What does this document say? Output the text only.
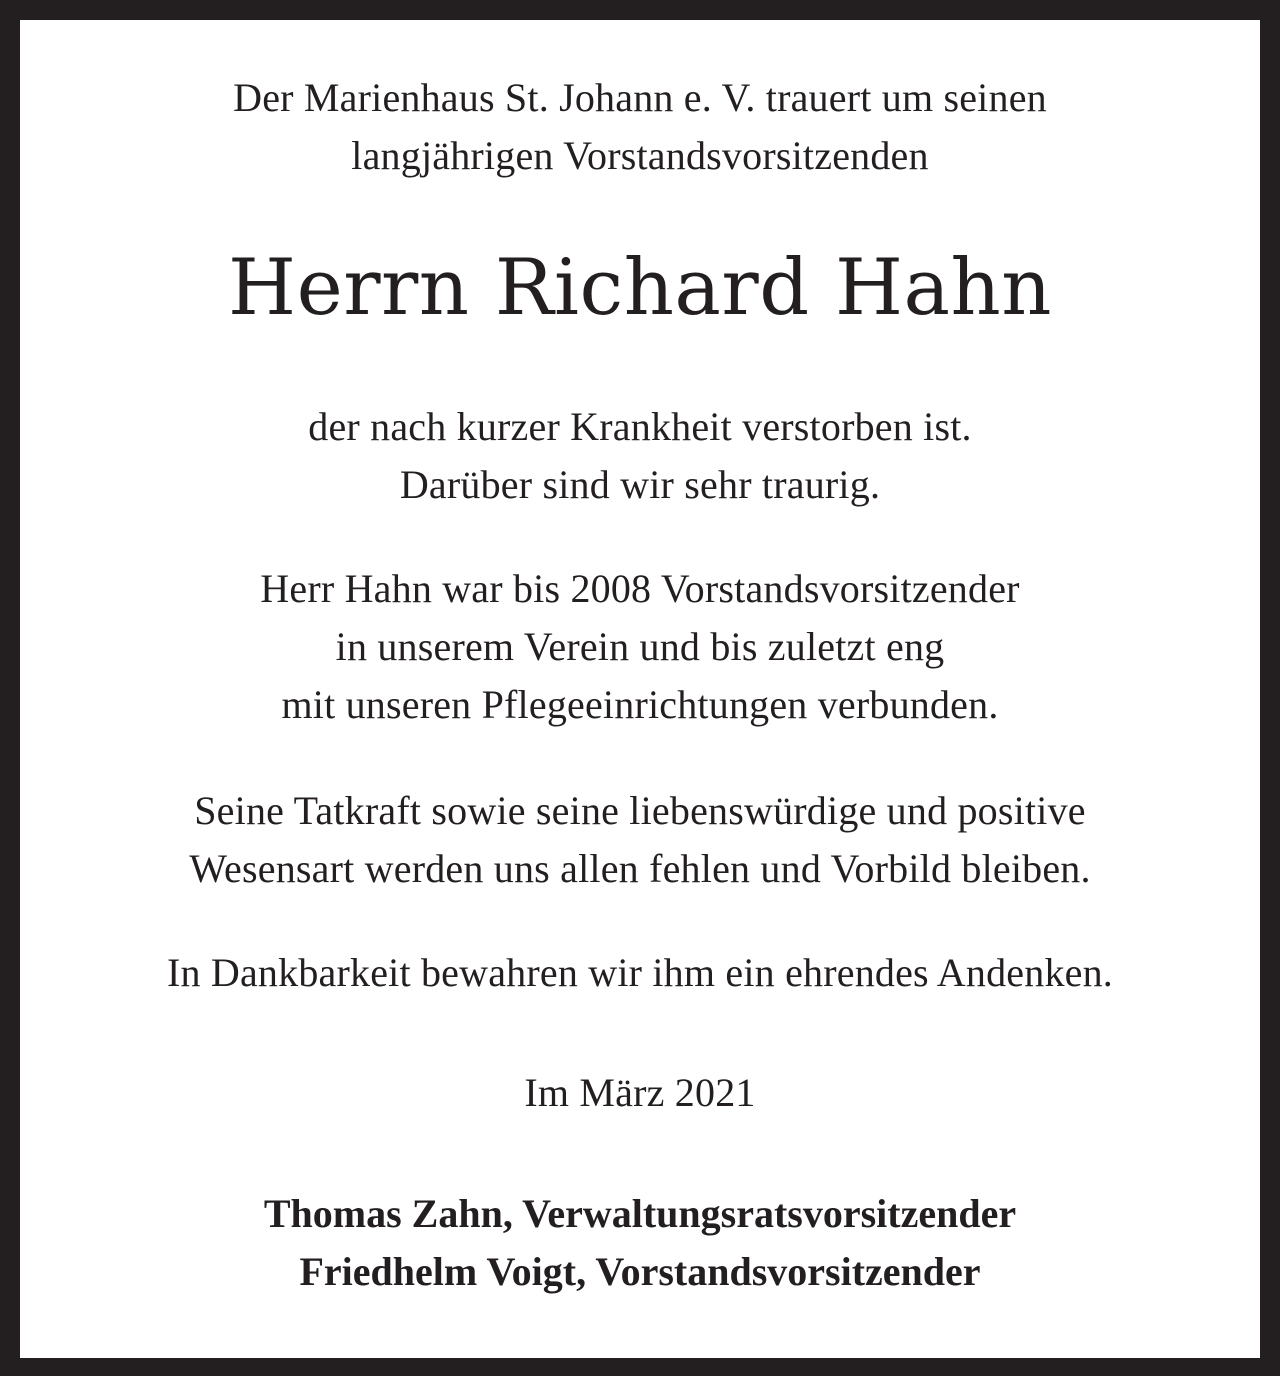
Der Marienhaus St. Johann e. V. trauert um seinen
langjährigen Vorstandsvorsitzenden
Herrn Richard Hahn
der nach kurzer Krankheit verstorben ist.
Darüber sind wir sehr traurig.
Herr Hahn war bis 2008 Vorstandsvorsitzender
in unserem Verein und bis zuletzt eng
mit unseren Pflegeeinrichtungen verbunden.
Seine Tatkraft sowie seine liebenswürdige und positive
Wesensart werden uns allen fehlen und Vorbild bleiben.
In Dankbarkeit bewahren wir ihm ein ehrendes Andenken.
Im März 2021
Thomas Zahn, Verwaltungsratsvorsitzender
Friedhelm Voigt, Vorstandsvorsitzender
